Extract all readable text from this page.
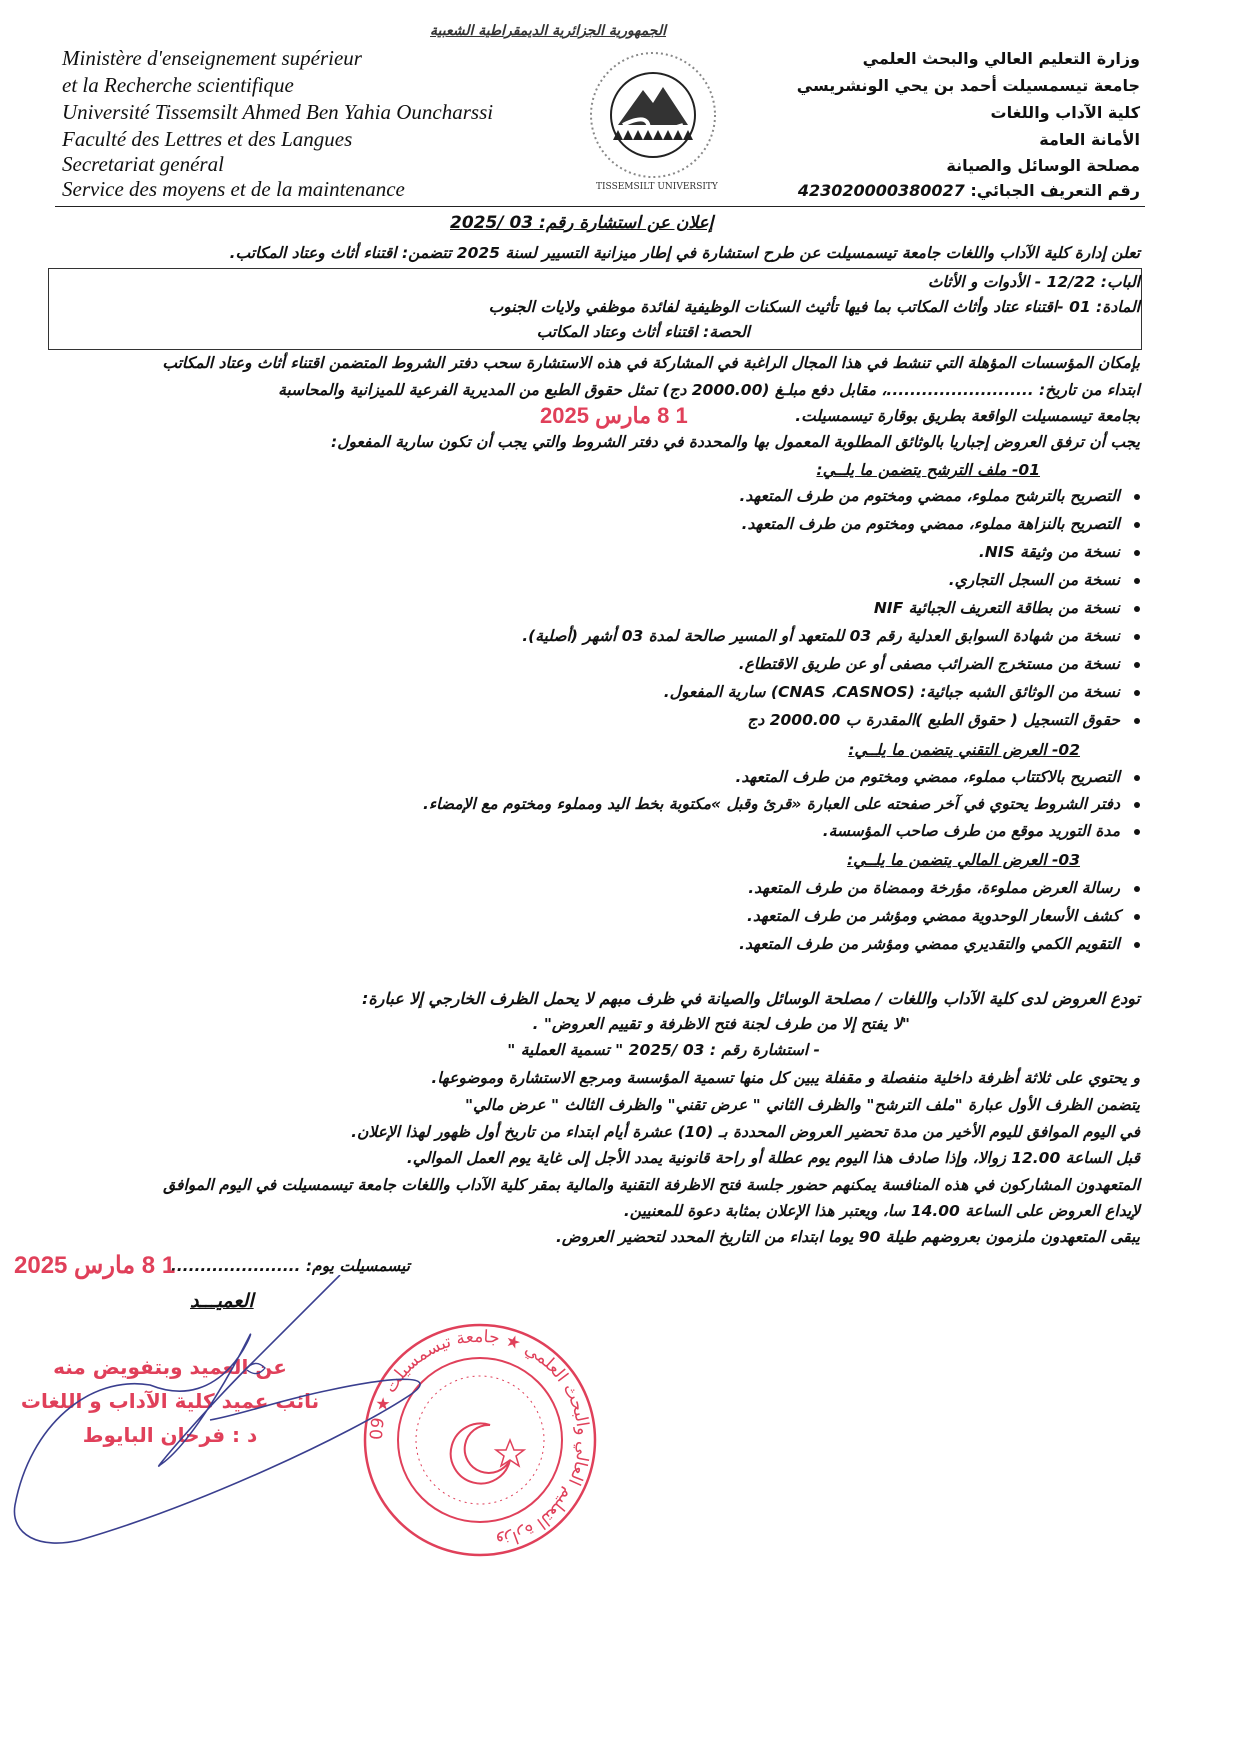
الجمهورية الجزائرية الديمقراطية الشعبية
Ministère d'enseignement supérieur
et la Recherche scientifique
Université Tissemsilt Ahmed Ben Yahia Ouncharssi
Faculté des Lettres et des Langues
Secretariat genéral
Service des moyens et de la maintenance	TISSEMSILT UNIVERSITY
وزارة التعليم العالي والبحث العلمي
جامعة تيسمسيلت أحمد بن يحي الونشريسي
كلية الآداب واللغات
الأمانة العامة
مصلحة الوسائل والصيانة
رقم التعريف الجبائي: 423020000380027
إعلان عن استشارة رقم: 03 /2025
تعلن إدارة كلية الآداب واللغات جامعة تيسمسيلت عن طرح استشارة في إطار ميزانية التسيير لسنة 2025 تتضمن: اقتناء أثاث وعتاد المكاتب.
الباب: 12/22 - الأدوات و الأثاث
المادة: 01 -اقتناء عتاد وأثاث المكاتب بما فيها تأثيث السكنات الوظيفية لفائدة موظفي ولايات الجنوب
الحصة: اقتناء أثاث وعتاد المكاتب
بإمكان المؤسسات المؤهلة التي تنشط في هذا المجال الراغبة في المشاركة في هذه الاستشارة سحب دفتر الشروط المتضمن اقتناء أثاث وعتاد المكاتب
ابتداء من تاريخ: .........................، مقابل دفع مبلـغ (2000.00 دج) تمثل حقوق الطبع من المديرية الفرعية للميزانية والمحاسبة
بجامعة تيسمسيلت الواقعة بطريق بوقارة تيسمسيلت.
يجب أن ترفق العروض إجباريا بالوثائق المطلوبة المعمول بها والمحددة في دفتر الشروط والتي يجب أن تكون سارية المفعول:
1 8 مارس 2025
01- ملف الترشح يتضمن ما يلــي:
التصريح بالترشح مملوء، ممضي ومختوم من طرف المتعهد.
التصريح بالنزاهة مملوء، ممضي ومختوم من طرف المتعهد.
نسخة من وثيقة NIS.
نسخة من السجل التجاري.
نسخة من بطاقة التعريف الجبائية NIF
نسخة من شهادة السوابق العدلية رقم 03 للمتعهد أو المسير صالحة لمدة 03 أشهر (أصلية).
نسخة من مستخرج الضرائب مصفى أو عن طريق الاقتطاع.
نسخة من الوثائق الشبه جبائية: (CNAS ،CASNOS) سارية المفعول.
حقوق التسجيل ( حقوق الطبع )المقدرة ب 2000.00 دج
02- العرض التقني يتضمن ما يلــي:
التصريح بالاكتتاب مملوء، ممضي ومختوم من طرف المتعهد.
دفتر الشروط يحتوي في آخر صفحته على العبارة «قرئ وقبل »مكتوبة بخط اليد ومملوء ومختوم مع الإمضاء.
مدة التوريد موقع من طرف صاحب المؤسسة.
03- العرض المالي يتضمن ما يلــي:
رسالة العرض مملوءة، مؤرخة وممضاة من طرف المتعهد.
كشف الأسعار الوحدوية ممضي ومؤشر من طرف المتعهد.
التقويم الكمي والتقديري ممضي ومؤشر من طرف المتعهد.
تودع العروض لدى كلية الآداب واللغات / مصلحة الوسائل والصيانة في ظرف مبهم لا يحمل الظرف الخارجي إلا عبارة:
"لا يفتح إلا من طرف لجنة فتح الاظرفة و تقييم العروض" .
- استشارة رقم : 03 /2025 " تسمية العملية "
و يحتوي على ثلاثة أظرفة داخلية منفصلة و مقفلة يبين كل منها تسمية المؤسسة ومرجع الاستشارة وموضوعها.
يتضمن الظرف الأول عبارة "ملف الترشح" والظرف الثاني " عرض تقني" والظرف الثالث " عرض مالي"
في اليوم الموافق لليوم الأخير من مدة تحضير العروض المحددة بـ (10) عشرة أيام ابتداء من تاريخ أول ظهور لهذا الإعلان.
قبل الساعة 12.00 زوالا، وإذا صادف هذا اليوم يوم عطلة أو راحة قانونية يمدد الأجل إلى غاية يوم العمل الموالي.
المتعهدون المشاركون في هذه المنافسة يمكنهم حضور جلسة فتح الاظرفة التقنية والمالية بمقر كلية الآداب واللغات جامعة تيسمسيلت في اليوم الموافق
لإيداع العروض على الساعة 14.00 سا، ويعتبر هذا الإعلان بمثابة دعوة للمعنيين.
يبقى المتعهدون ملزمون بعروضهم طيلة 90 يوما ابتداء من التاريخ المحدد لتحضير العروض.
تيسمسيلت يوم: ......................
1 8 مارس 2025
العميـــد
عن العميد وبتفويض منه
نائب عميد كلية الآداب و اللغات
د : فرحان البايوط	وزارة التعليم العالي والبحث العلمي ★ جامعة تيسمسيلت ★ 09
